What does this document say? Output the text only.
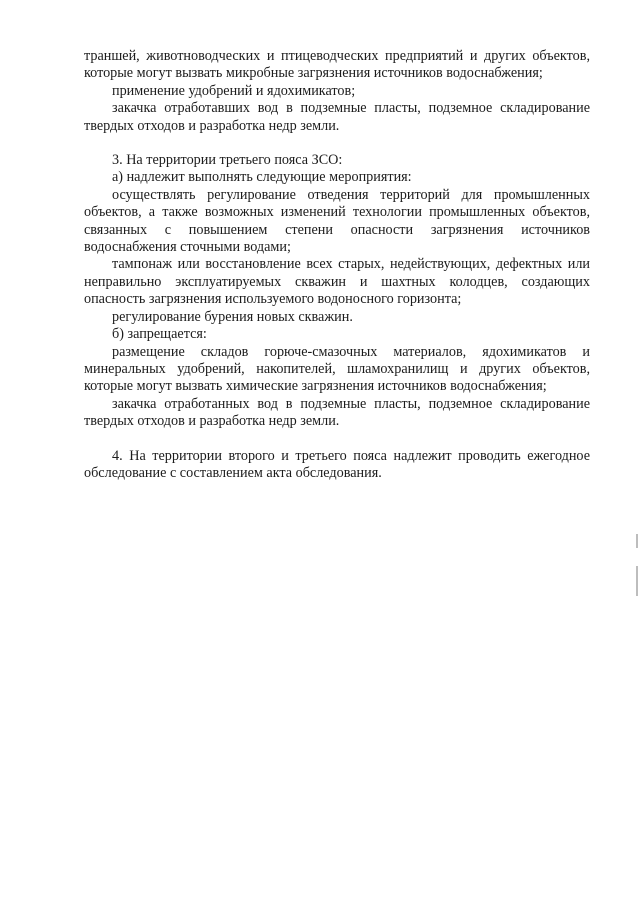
траншей, животноводческих и птицеводческих предприятий и других объектов, которые могут вызвать микробные загрязнения источников водоснабжения;

применение удобрений и ядохимикатов;

закачка отработавших вод в подземные пласты, подземное складирование твердых отходов и разработка недр земли.

3. На территории третьего пояса ЗСО:

а) надлежит выполнять следующие мероприятия:

осуществлять регулирование отведения территорий для промышленных объектов, а также возможных изменений технологии промышленных объектов, связанных с повышением степени опасности загрязнения источников водоснабжения сточными водами;

тампонаж или восстановление всех старых, недействующих, дефектных или неправильно эксплуатируемых скважин и шахтных колодцев, создающих опасность загрязнения используемого водоносного горизонта;

регулирование бурения новых скважин.

б) запрещается:

размещение складов горюче-смазочных материалов, ядохимикатов и минеральных удобрений, накопителей, шламохранилищ и других объектов, которые могут вызвать химические загрязнения источников водоснабжения;

закачка отработанных вод в подземные пласты, подземное складирование твердых отходов и разработка недр земли.

4. На территории второго и третьего пояса надлежит проводить ежегодное обследование с составлением акта обследования.
